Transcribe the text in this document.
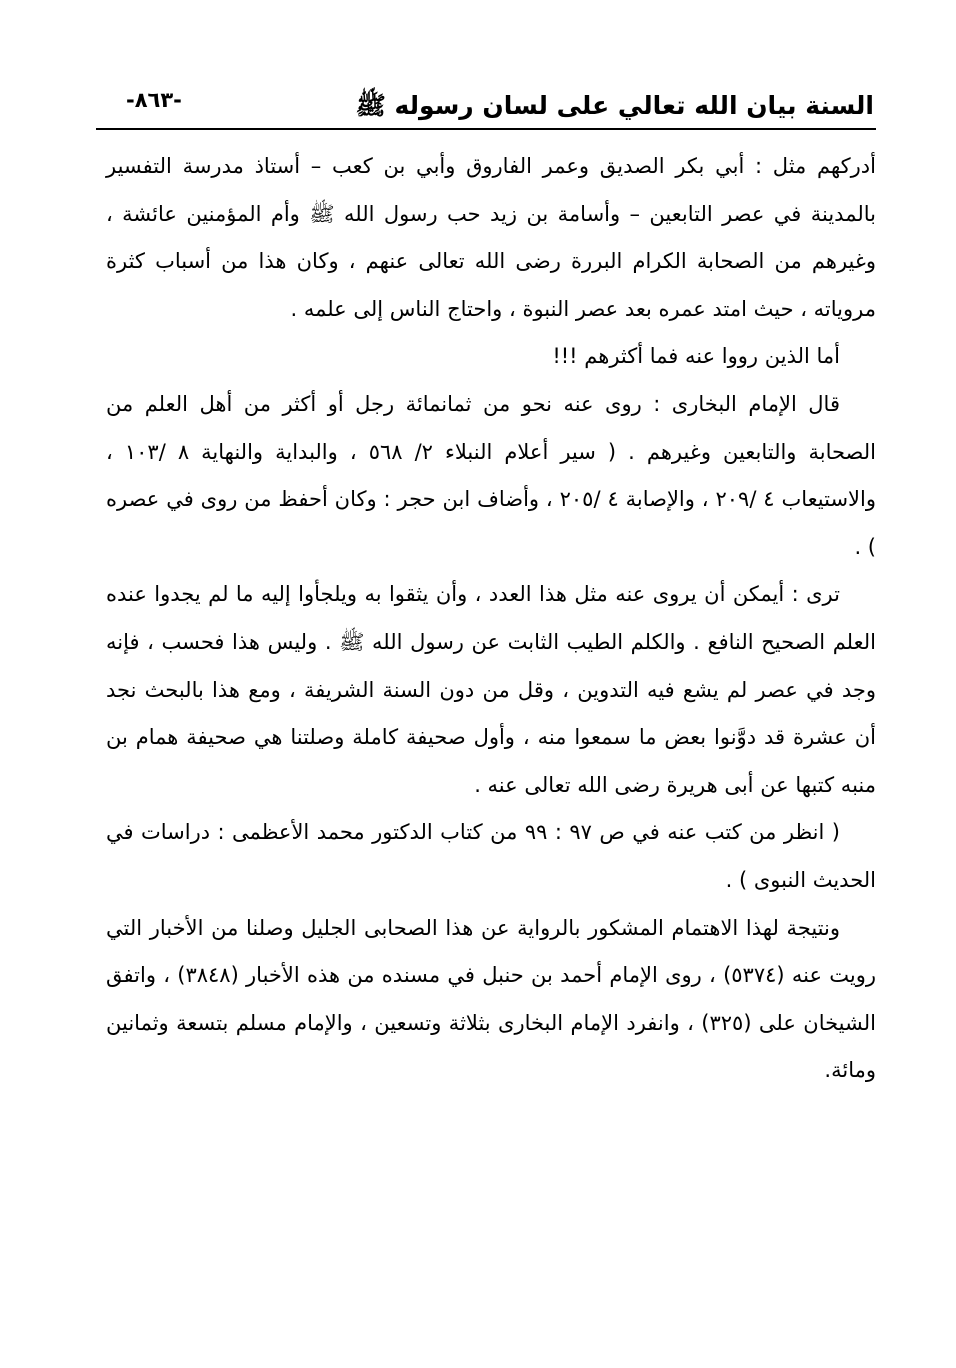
السنة بيان الله تعالي على لسان رسوله ﷺ
-٨٦٣-

أدركهم مثل : أبي بكر الصديق وعمر الفاروق وأبي بن كعب – أستاذ مدرسة التفسير بالمدينة في عصر التابعين – وأسامة بن زيد حب رسول الله ﷺ وأم المؤمنين عائشة ، وغيرهم من الصحابة الكرام البررة رضى الله تعالى عنهم ، وكان هذا من أسباب كثرة مروياته ، حيث امتد عمره بعد عصر النبوة ، واحتاج الناس إلى علمه .

أما الذين رووا عنه فما أكثرهم !!!

قال الإمام البخارى : روى عنه نحو من ثمانمائة رجل أو أكثر من أهل العلم من الصحابة والتابعين وغيرهم . ( سير أعلام النبلاء ٢/ ٥٦٨ ، والبداية والنهاية ٨ /١٠٣ ، والاستيعاب ٤ /٢٠٩ ، والإصابة ٤ /٢٠٥ ، وأضاف ابن حجر : وكان أحفظ من روى في عصره ) .

ترى : أيمكن أن يروى عنه مثل هذا العدد ، وأن يثقوا به ويلجأوا إليه ما لم يجدوا عنده العلم الصحيح النافع . والكلم الطيب الثابت عن رسول الله ﷺ . وليس هذا فحسب ، فإنه وجد في عصر لم يشع فيه التدوين ، وقل من دون السنة الشريفة ، ومع هذا بالبحث نجد أن عشرة قد دوَّنوا بعض ما سمعوا منه ، وأول صحيفة كاملة وصلتنا هي صحيفة همام بن منبه كتبها عن أبى هريرة رضى الله تعالى عنه .

( انظر من كتب عنه في ص ٩٧ : ٩٩ من كتاب الدكتور محمد الأعظمى : دراسات في الحديث النبوى ) .

ونتيجة لهذا الاهتمام المشكور بالرواية عن هذا الصحابى الجليل وصلنا من الأخبار التي رويت عنه (٥٣٧٤) ، روى الإمام أحمد بن حنبل في مسنده من هذه الأخبار (٣٨٤٨) ، واتفق الشيخان على (٣٢٥) ، وانفرد الإمام البخارى بثلاثة وتسعين ، والإمام مسلم بتسعة وثمانين ومائة.
